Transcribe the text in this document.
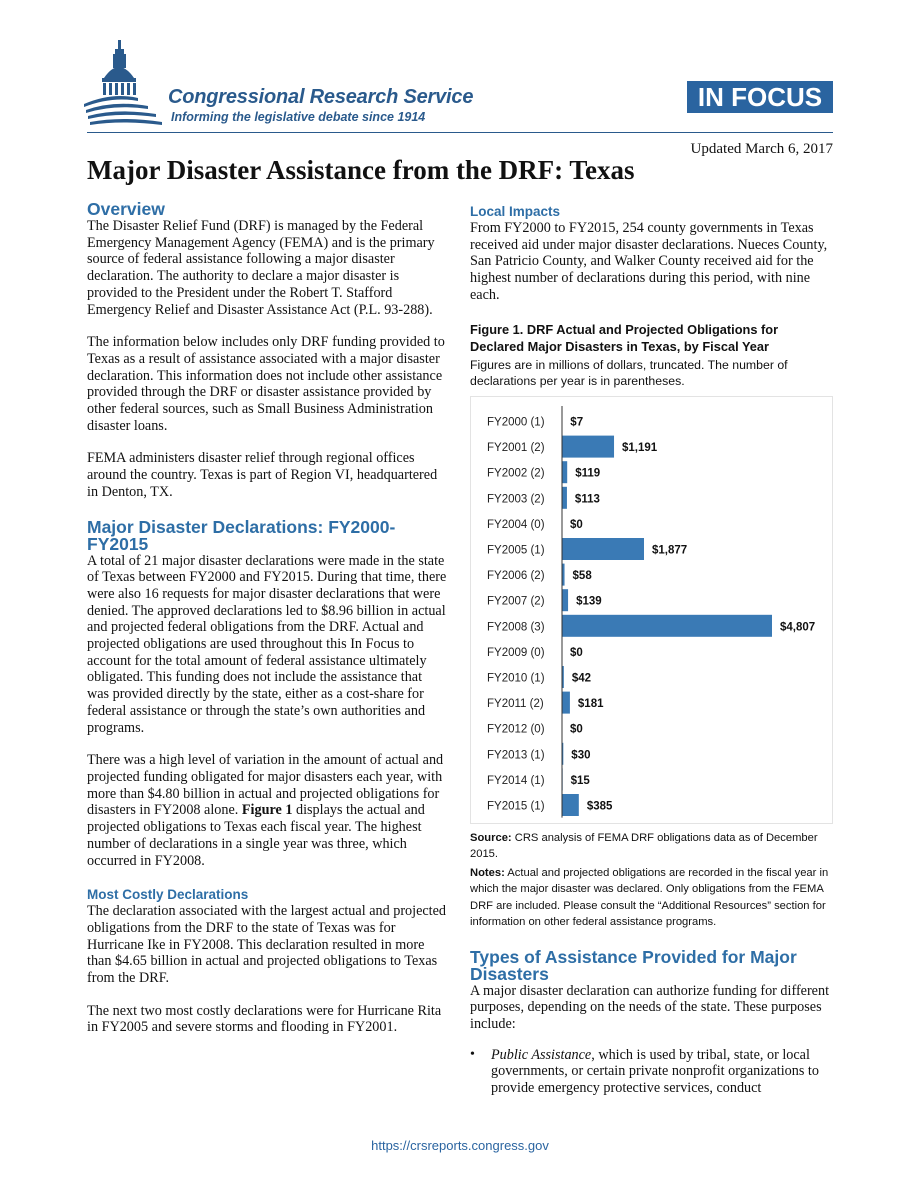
Congressional Research Service
Informing the legislative debate since 1914
IN FOCUS
Updated March 6, 2017
Major Disaster Assistance from the DRF: Texas
Overview

The Disaster Relief Fund (DRF) is managed by the Federal Emergency Management Agency (FEMA) and is the primary source of federal assistance following a major disaster declaration. The authority to declare a major disaster is provided to the President under the Robert T. Stafford Emergency Relief and Disaster Assistance Act (P.L. 93-288).

The information below includes only DRF funding provided to Texas as a result of assistance associated with a major disaster declaration. This information does not include other assistance provided through the DRF or disaster assistance provided by other federal sources, such as Small Business Administration disaster loans.

FEMA administers disaster relief through regional offices around the country. Texas is part of Region VI, headquartered in Denton, TX.

Major Disaster Declarations: FY2000-FY2015

A total of 21 major disaster declarations were made in the state of Texas between FY2000 and FY2015. During that time, there were also 16 requests for major disaster declarations that were denied. The approved declarations led to $8.96 billion in actual and projected federal obligations from the DRF. Actual and projected obligations are used throughout this In Focus to account for the total amount of federal assistance ultimately obligated. This funding does not include the assistance that was provided directly by the state, either as a cost-share for federal assistance or through the state’s own authorities and programs.

There was a high level of variation in the amount of actual and projected funding obligated for major disasters each year, with more than $4.80 billion in actual and projected obligations for disasters in FY2008 alone. Figure 1 displays the actual and projected obligations to Texas each fiscal year. The highest number of declarations in a single year was three, which occurred in FY2008.

Most Costly Declarations

The declaration associated with the largest actual and projected obligations from the DRF to the state of Texas was for Hurricane Ike in FY2008. This declaration resulted in more than $4.65 billion in actual and projected obligations to Texas from the DRF.

The next two most costly declarations were for Hurricane Rita in FY2005 and severe storms and flooding in FY2001.

Local Impacts

From FY2000 to FY2015, 254 county governments in Texas received aid under major disaster declarations. Nueces County, San Patricio County, and Walker County received aid for the highest number of declarations during this period, with nine each.

Figure 1. DRF Actual and Projected Obligations for Declared Major Disasters in Texas, by Fiscal Year

Figures are in millions of dollars, truncated. The number of declarations per year is in parentheses.

FY2000 (1) $7
FY2001 (2)	$1,191
FY2002 (2)	$119
FY2003 (2)	$113
FY2004 (0) $0
FY2005 (1)	$1,877
FY2006 (2) $58
FY2007 (2)	$139
FY2008 (3)	$4,807
FY2009 (0) $0
FY2010 (1) $42
FY2011 (2)	$181
FY2012 (0) $0
FY2013 (1) $30
FY2014 (1) $15
FY2015 (1)	$385

Source: CRS analysis of FEMA DRF obligations data as of December 2015.

Notes: Actual and projected obligations are recorded in the fiscal year in which the major disaster was declared. Only obligations from the FEMA DRF are included. Please consult the “Additional Resources” section for information on other federal assistance programs.

Types of Assistance Provided for Major Disasters

A major disaster declaration can authorize funding for different purposes, depending on the needs of the state. These purposes include:

• Public Assistance, which is used by tribal, state, or local governments, or certain private nonprofit organizations to provide emergency protective services, conduct
https://crsreports.congress.gov
